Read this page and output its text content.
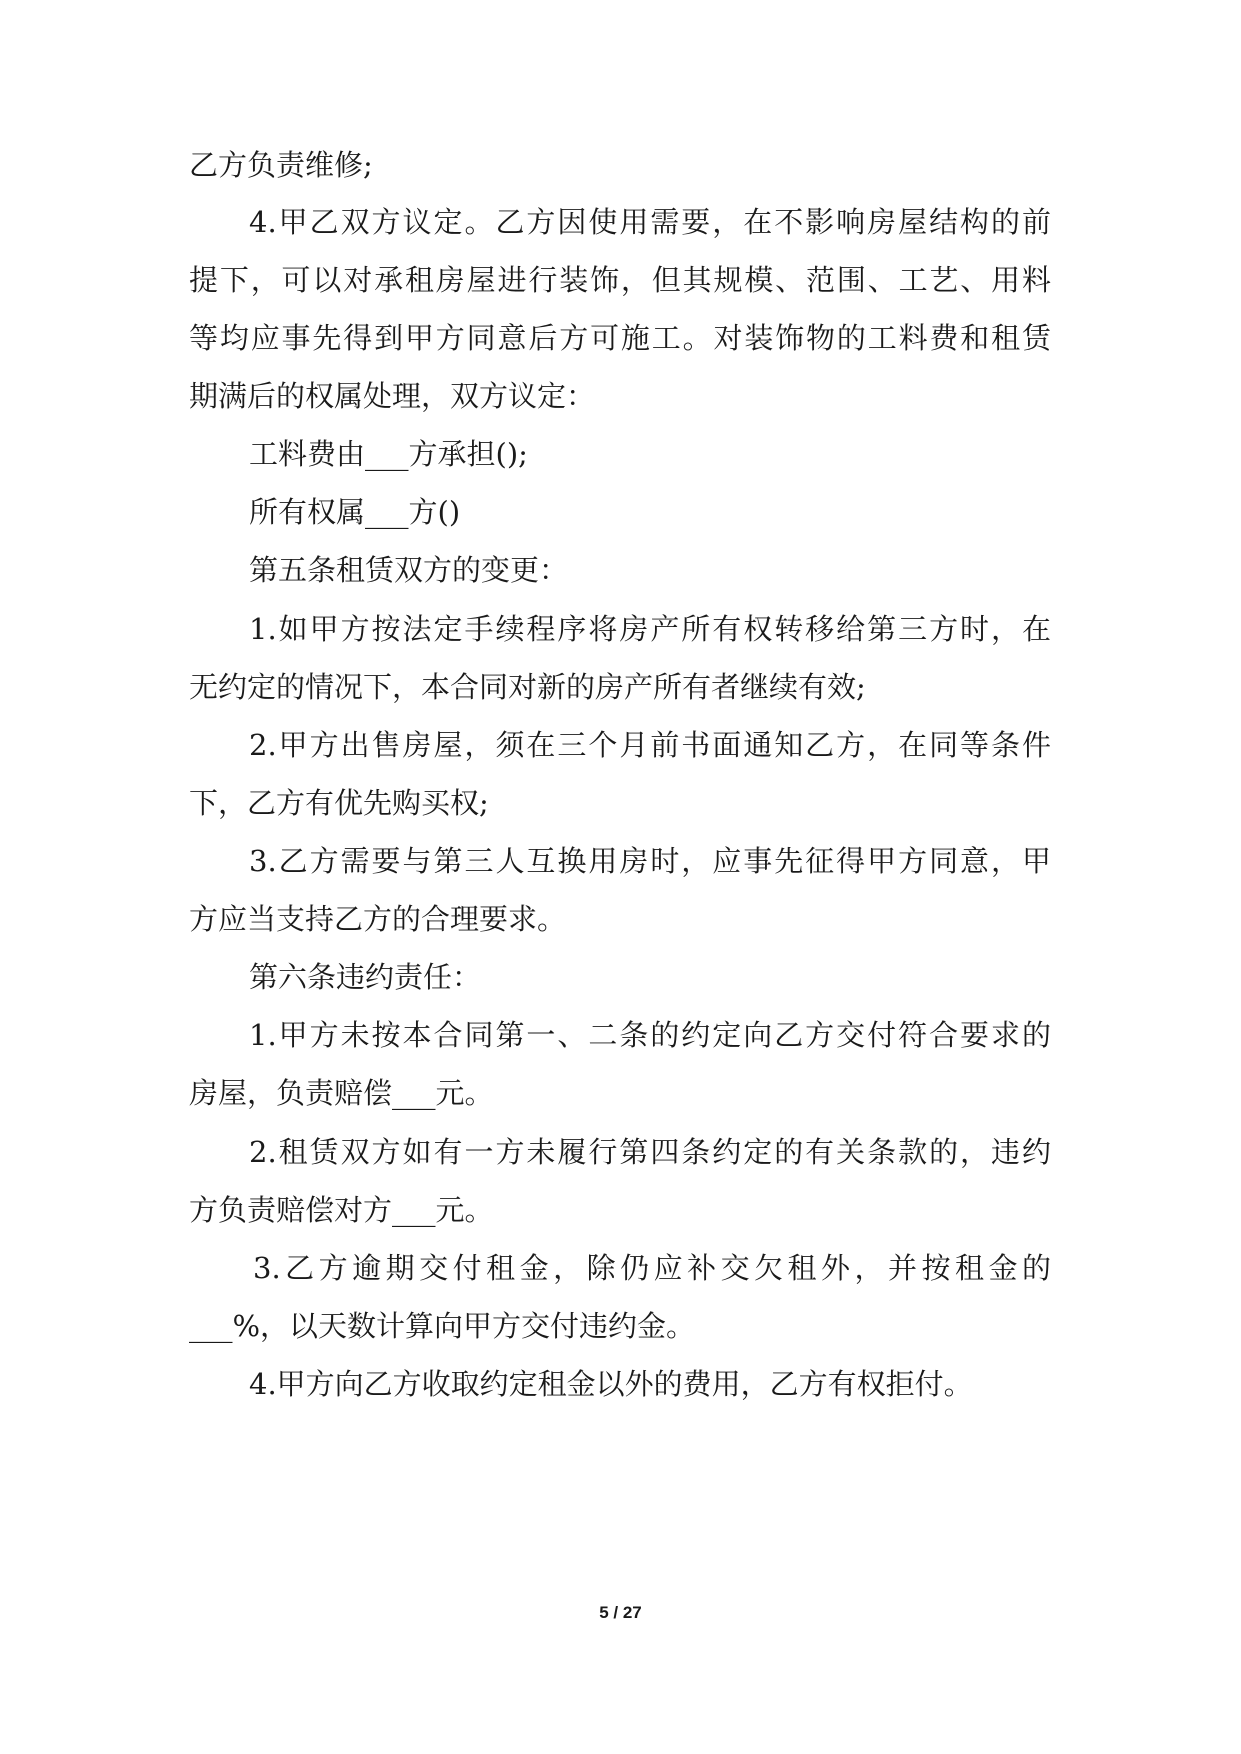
乙方负责维修;
4.甲乙双方议定。乙方因使用需要，在不影响房屋结构的前
提下，可以对承租房屋进行装饰，但其规模、范围、工艺、用料
等均应事先得到甲方同意后方可施工。对装饰物的工料费和租赁
期满后的权属处理，双方议定：
工料费由___方承担();
所有权属___方()
第五条租赁双方的变更：
1.如甲方按法定手续程序将房产所有权转移给第三方时，在
无约定的情况下，本合同对新的房产所有者继续有效;
2.甲方出售房屋，须在三个月前书面通知乙方，在同等条件
下，乙方有优先购买权;
3.乙方需要与第三人互换用房时，应事先征得甲方同意，甲
方应当支持乙方的合理要求。
第六条违约责任：
1.甲方未按本合同第一、二条的约定向乙方交付符合要求的
房屋，负责赔偿___元。
2.租赁双方如有一方未履行第四条约定的有关条款的，违约
方负责赔偿对方___元。
3.乙方逾期交付租金，除仍应补交欠租外，并按租金的
___%，以天数计算向甲方交付违约金。
4.甲方向乙方收取约定租金以外的费用，乙方有权拒付。
5 / 27
